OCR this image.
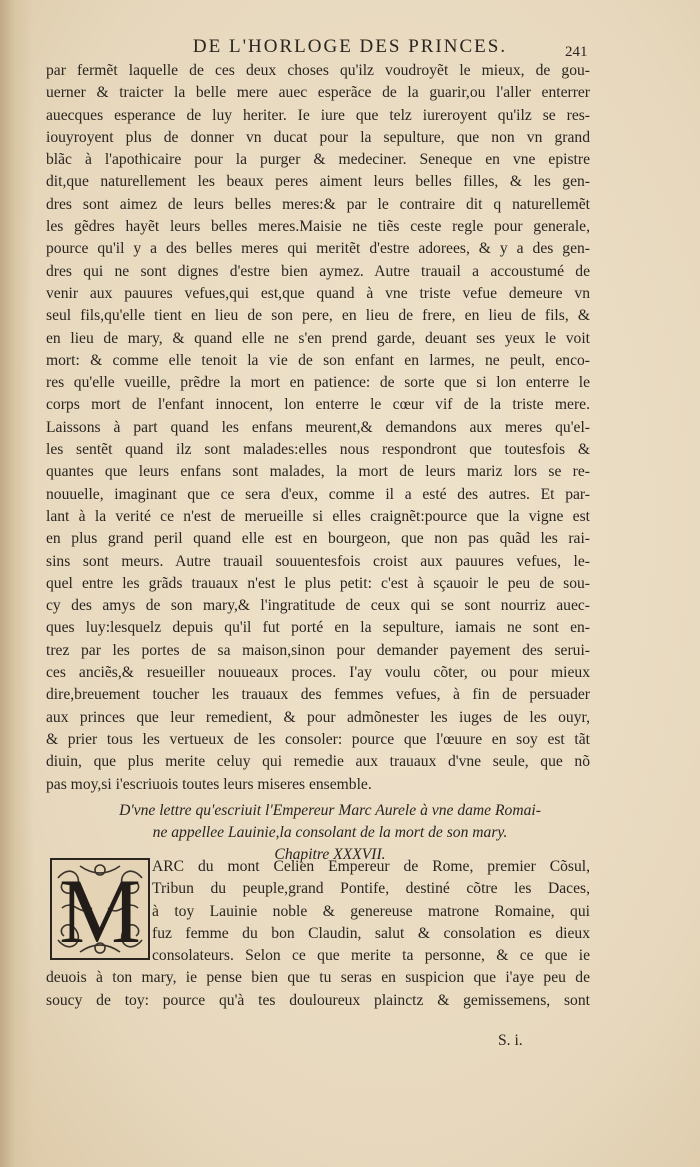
DE L'HORLOGE DES PRINCES.	241
par fermẽt laquelle de ces deux choses qu'ilz voudroyẽt le mieux, de gou-
uerner & traicter la belle mere auec esperãce de la guarir,ou l'aller enterrer
auecques esperance de luy heriter. Ie iure que telz iureroyent qu'ilz se res-
iouyroyent plus de donner vn ducat pour la sepulture, que non vn grand
blãc à l'apothicaire pour la purger & medeciner. Seneque en vne epistre
dit,que naturellement les beaux peres aiment leurs belles filles, & les gen-
dres sont aimez de leurs belles meres:& par le contraire dit q naturellemẽt
les gẽdres hayẽt leurs belles meres.Maisie ne tiẽs ceste regle pour generale,
pource qu'il y a des belles meres qui meritẽt d'estre adorees, & y a des gen-
dres qui ne sont dignes d'estre bien aymez. Autre trauail a accoustumé de
venir aux pauures vefues,qui est,que quand à vne triste vefue demeure vn
seul fils,qu'elle tient en lieu de son pere, en lieu de frere, en lieu de fils, &
en lieu de mary, & quand elle ne s'en prend garde, deuant ses yeux le voit
mort: & comme elle tenoit la vie de son enfant en larmes, ne peult, enco-
res qu'elle vueille, prẽdre la mort en patience: de sorte que si lon enterre le
corps mort de l'enfant innocent, lon enterre le cœur vif de la triste mere.
Laissons à part quand les enfans meurent,& demandons aux meres qu'el-
les sentẽt quand ilz sont malades:elles nous respondront que toutesfois &
quantes que leurs enfans sont malades, la mort de leurs mariz lors se re-
nouuelle, imaginant que ce sera d'eux, comme il a esté des autres. Et par-
lant à la verité ce n'est de merueille si elles craignẽt:pource que la vigne est
en plus grand peril quand elle est en bourgeon, que non pas quãd les rai-
sins sont meurs. Autre trauail souuentesfois croist aux pauures vefues, le-
quel entre les grãds trauaux n'est le plus petit: c'est à sçauoir le peu de sou-
cy des amys de son mary,& l'ingratitude de ceux qui se sont nourriz auec-
ques luy:lesquelz depuis qu'il fut porté en la sepulture, iamais ne sont en-
trez par les portes de sa maison,sinon pour demander payement des serui-
ces anciẽs,& resueiller nouueaux proces. I'ay voulu cõter, ou pour mieux
dire,breuement toucher les trauaux des femmes vefues, à fin de persuader
aux princes que leur remedient, & pour admõnester les iuges de les ouyr,
& prier tous les vertueux de les consoler: pource que l'œuure en soy est tãt
diuin, que plus merite celuy qui remedie aux trauaux d'vne seule, que nõ
pas moy,si i'escriuois toutes leurs miseres ensemble.
D'vne lettre qu'escriuit l'Empereur Marc Aurele à vne dame Romai-
ne appellee Lauinie,la consolant de la mort de son mary.
Chapitre XXXVII.
M ARC du mont Celien Empereur de Rome, premier Cõsul,
Tribun du peuple,grand Pontife, destiné cõtre les Daces,
à toy Lauinie noble & genereuse matrone Romaine, qui
fuz femme du bon Claudin, salut & consolation es dieux
consolateurs. Selon ce que merite ta personne, & ce que ie
deuois à ton mary, ie pense bien que tu seras en suspicion que i'aye peu de
soucy de toy: pource qu'à tes douloureux plainctz & gemissemens, sont
S. i.
